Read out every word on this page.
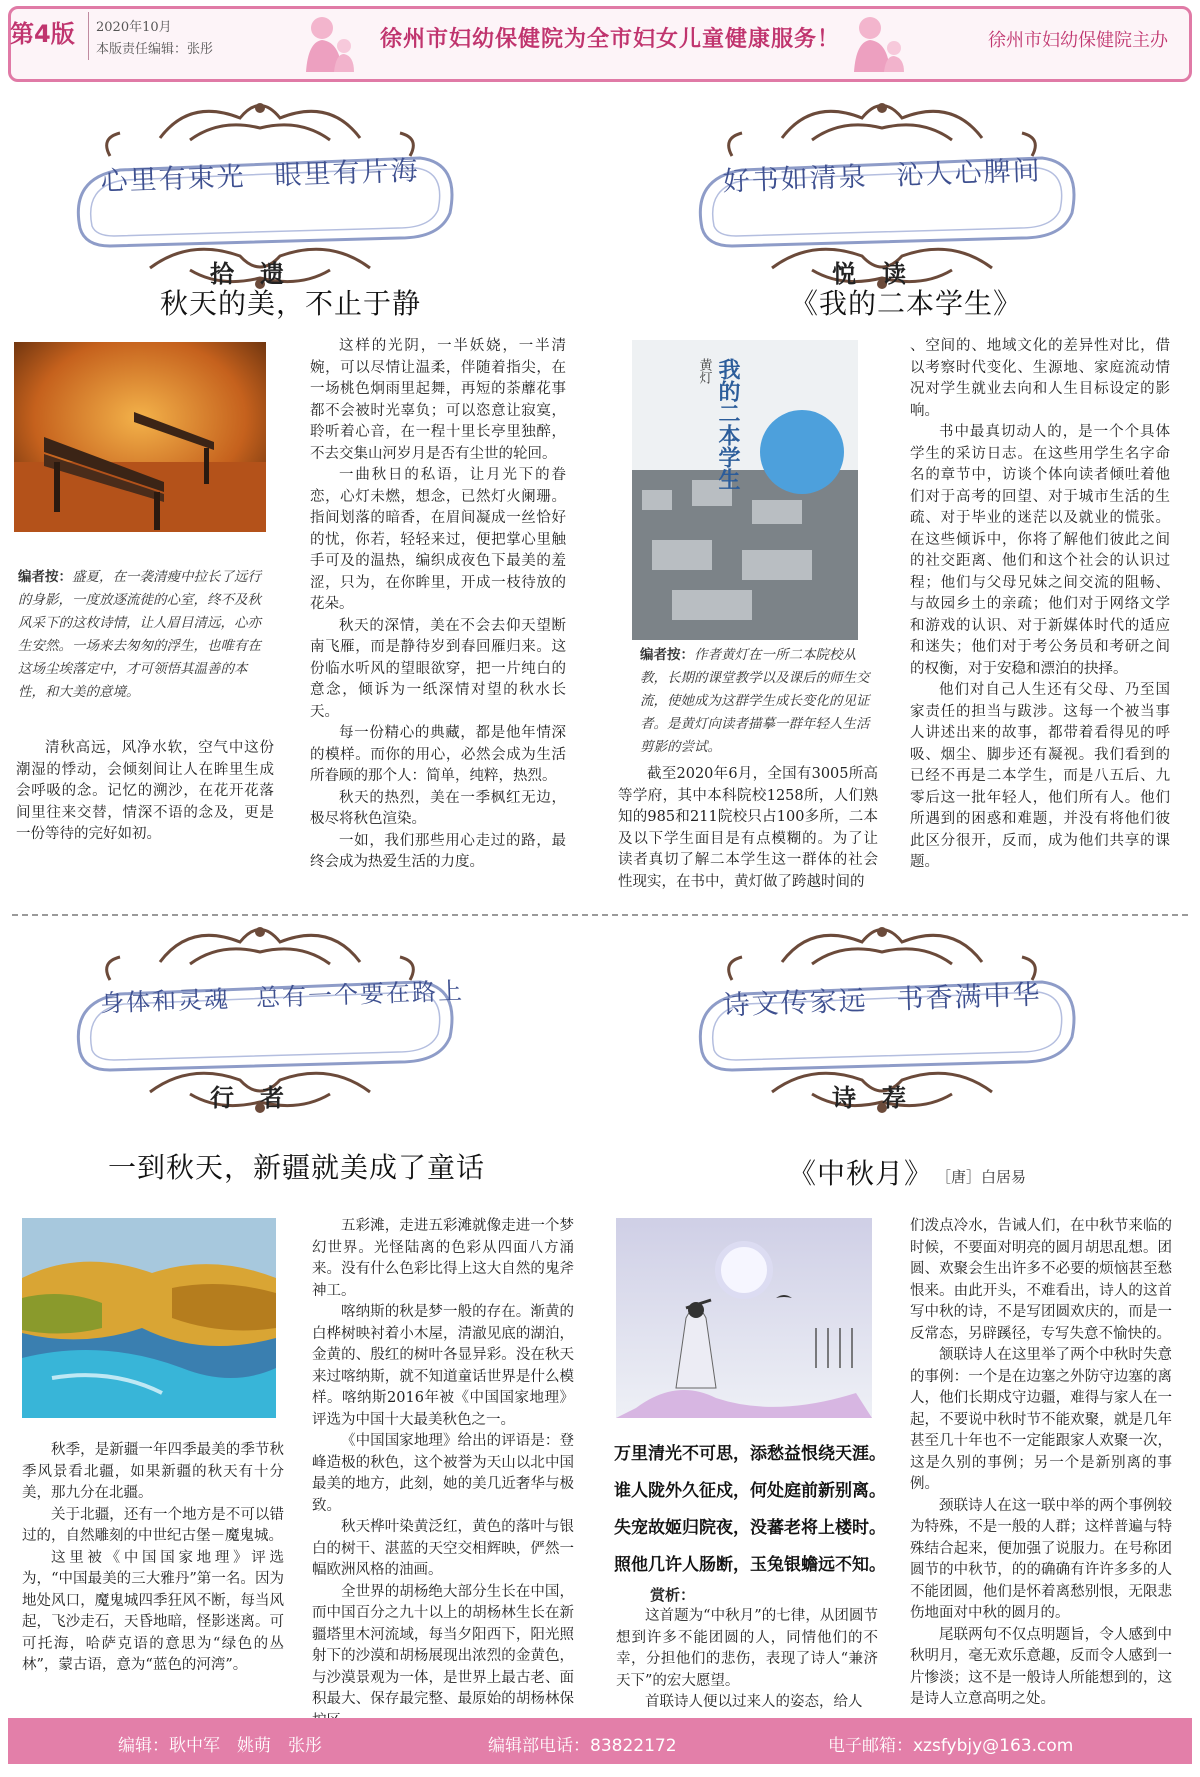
第4版 2020年10月
本版责任编辑：张彤	徐州市妇幼保健院为全市妇女儿童健康服务！	徐州市妇幼保健院主办
心里有束光　眼里有片海
拾遗
秋天的美，不止于静
编者按：盛夏，在一袭清瘦中拉长了远行的身影，一度放逐流徙的心室，终不及秋风采下的这枚诗情，让人眉目清远，心亦生安然。一场来去匆匆的浮生，也唯有在这场尘埃落定中，才可领悟其温善的本性，和大美的意境。

清秋高远，风净水软，空气中这份潮湿的悸动，会倾刻间让人在眸里生成会呼吸的念。记忆的溯沙，在花开花落间里往来交替，情深不语的念及，更是一份等待的完好如初。

这样的光阴，一半妖娆，一半清婉，可以尽情让温柔，伴随着指尖，在一场桃色炯雨里起舞，再短的荼蘼花事都不会被时光辜负；可以恣意让寂寞，聆听着心音，在一程十里长亭里独醉，不去交集山河岁月是否有尘世的轮回。

一曲秋日的私语，让月光下的眷恋，心灯未燃，想念，已然灯火阑珊。指间划落的暗香，在眉间凝成一丝恰好的忧，你若，轻轻来过，便把掌心里触手可及的温热，编织成夜色下最美的羞涩，只为，在你眸里，开成一枝待放的花朵。

秋天的深情，美在不会去仰天望断南飞雁，而是静待岁到春回雁归来。这份临水听风的望眼欲穿，把一片纯白的意念，倾诉为一纸深情对望的秋水长天。

每一份精心的典藏，都是他年情深的模样。而你的用心，必然会成为生活所眷顾的那个人：简单，纯粹，热烈。

秋天的热烈，美在一季枫红无边，极尽将秋色渲染。

一如，我们那些用心走过的路，最终会成为热爱生活的力度。

好书如清泉　沁人心脾间
悦读
《我的二本学生》
我的二本学生
黄灯
编者按：作者黄灯在一所二本院校从教，长期的课堂教学以及课后的师生交流，使她成为这群学生成长变化的见证者。是黄灯向读者描摹一群年轻人生活剪影的尝试。

截至2020年6月，全国有3005所高等学府，其中本科院校1258所，人们熟知的985和211院校只占100多所，二本及以下学生面目是有点模糊的。为了让读者真切了解二本学生这一群体的社会性现实，在书中，黄灯做了跨越时间的

、空间的、地域文化的差异性对比，借以考察时代变化、生源地、家庭流动情况对学生就业去向和人生目标设定的影响。

书中最真切动人的，是一个个具体学生的采访日志。在这些用学生名字命名的章节中，访谈个体向读者倾吐着他们对于高考的回望、对于城市生活的生疏、对于毕业的迷茫以及就业的慌张。在这些倾诉中，你将了解他们彼此之间的社交距离、他们和这个社会的认识过程；他们与父母兄妹之间交流的阻畅、与故园乡土的亲疏；他们对于网络文学和游戏的认识、对于新媒体时代的适应和迷失；他们对于考公务员和考研之间的权衡，对于安稳和漂泊的抉择。

他们对自己人生还有父母、乃至国家责任的担当与跋涉。这每一个被当事人讲述出来的故事，都带着看得见的呼吸、烟尘、脚步还有凝视。我们看到的已经不再是二本学生，而是八五后、九零后这一批年轻人，他们所有人。他们所遇到的困惑和难题，并没有将他们彼此区分很开，反而，成为他们共享的课题。

身体和灵魂　总有一个要在路上
行者
一到秋天，新疆就美成了童话

秋季，是新疆一年四季最美的季节秋季风景看北疆，如果新疆的秋天有十分美，那九分在北疆。

关于北疆，还有一个地方是不可以错过的，自然雕刻的中世纪古堡－魔鬼城。

这里被《中国国家地理》评选为，“中国最美的三大雅丹”第一名。因为地处风口，魔鬼城四季狂风不断，每当风起，飞沙走石，天昏地暗，怪影迷离。可可托海，哈萨克语的意思为“绿色的丛林”，蒙古语，意为“蓝色的河湾”。

五彩滩，走进五彩滩就像走进一个梦幻世界。光怪陆离的色彩从四面八方涌来。没有什么色彩比得上这大自然的鬼斧神工。

喀纳斯的秋是梦一般的存在。渐黄的白桦树映衬着小木屋，清澈见底的湖泊，金黄的、殷红的树叶各显异彩。没在秋天来过喀纳斯，就不知道童话世界是什么模样。喀纳斯2016年被《中国国家地理》评选为中国十大最美秋色之一。

《中国国家地理》给出的评语是：登峰造极的秋色，这个被誉为天山以北中国最美的地方，此刻，她的美几近奢华与极致。

秋天桦叶染黄泛红，黄色的落叶与银白的树干、湛蓝的天空交相辉映，俨然一幅欧洲风格的油画。

全世界的胡杨绝大部分生长在中国，而中国百分之九十以上的胡杨林生长在新疆塔里木河流域，每当夕阳西下，阳光照射下的沙漠和胡杨展现出浓烈的金黄色，与沙漠景观为一体，是世界上最古老、面积最大、保存最完整、最原始的胡杨林保

诗文传家远　书香满中华
诗荐
《中秋月》 ［唐］白居易
万里清光不可思，添愁益恨绕天涯。
谁人陇外久征戍，何处庭前新别离。
失宠故姬归院夜，没蕃老将上楼时。
照他几许人肠断，玉兔银蟾远不知。
赏析：

这首题为“中秋月”的七律，从团圆节想到许多不能团圆的人，同情他们的不幸，分担他们的悲伤，表现了诗人“兼济天下”的宏大愿望。

首联诗人便以过来人的姿态，给人

们泼点冷水，告诫人们，在中秋节来临的时候，不要面对明亮的圆月胡思乱想。团圆、欢聚会生出许多不必要的烦恼甚至愁恨来。由此开头，不难看出，诗人的这首写中秋的诗，不是写团圆欢庆的，而是一反常态，另辟蹊径，专写失意不愉快的。

颔联诗人在这里举了两个中秋时失意的事例：一个是在边塞之外防守边塞的离人，他们长期戍守边疆，难得与家人在一起，不要说中秋时节不能欢聚，就是几年甚至几十年也不一定能跟家人欢聚一次，这是久别的事例；另一个是新别离的事例。

颈联诗人在这一联中举的两个事例较为特殊，不是一般的人群；这样普遍与特殊结合起来，便加强了说服力。在号称团圆节的中秋节，的的确确有许许多多的人不能团圆，他们是怀着离愁别恨，无限悲伤地面对中秋的圆月的。

尾联两句不仅点明题旨，令人感到中秋明月，毫无欢乐意趣，反而令人感到一片惨淡；这不是一般诗人所能想到的，这是诗人立意高明之处。

编辑：耿中军　姚萌　张彤	编辑部电话：83822172	电子邮箱：xzsfybjy@163.com
